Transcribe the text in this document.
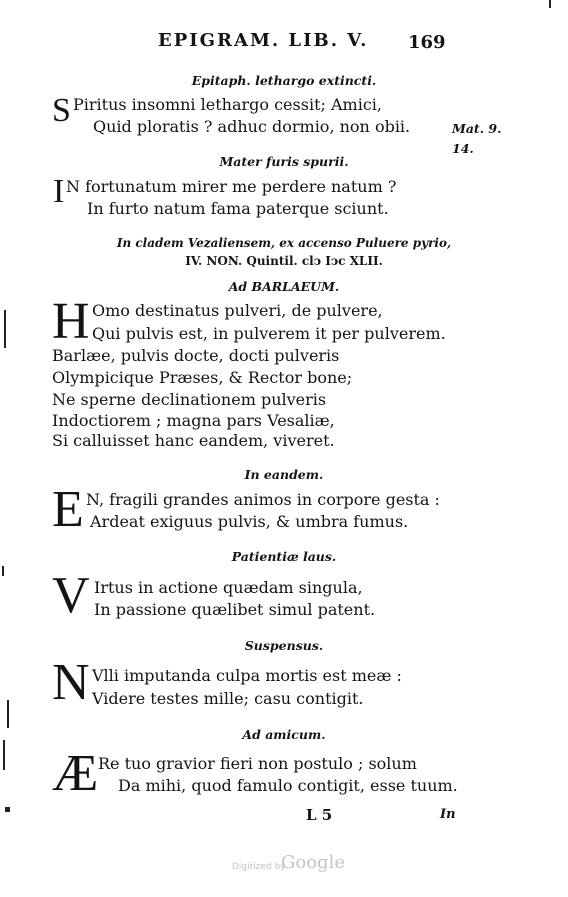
EPIGRAM. LIB. V. 169
Epitaph. lethargo extincti.
S Piritus insomni lethargo cessit; Amici,
Quid ploratis ? adhuc dormio, non obii.	Mat. 9.
14.
Mater furis spurii.
I N fortunatum mirer me perdere natum ?
In furto natum fama paterque sciunt.
In cladem Vezaliensem, ex accenso Puluere pyrio,
IV. NON. Quintil. clↄ Iↄc XLII.
Ad BARLAEUM.
H Omo destinatus pulveri, de pulvere,
Qui pulvis est, in pulverem it per pulverem.
Barlæe, pulvis docte, docti pulveris
Olympicique Præses, & Rector bone;
Ne sperne declinationem pulveris
Indoctiorem ; magna pars Vesaliæ,
Si calluisset hanc eandem, viveret.
In eandem.
E N, fragili grandes animos in corpore gesta :
Ardeat exiguus pulvis, & umbra fumus.
Patientiæ laus.
V Irtus in actione quædam singula,
In passione quælibet simul patent.
Suspensus.
N Vlli imputanda culpa mortis est meæ :
Videre testes mille; casu contigit.
Ad amicum.
Æ Re tuo gravior fieri non postulo ; solum
Da mihi, quod famulo contigit, esse tuum.
L 5	In
Digitized by
Google
